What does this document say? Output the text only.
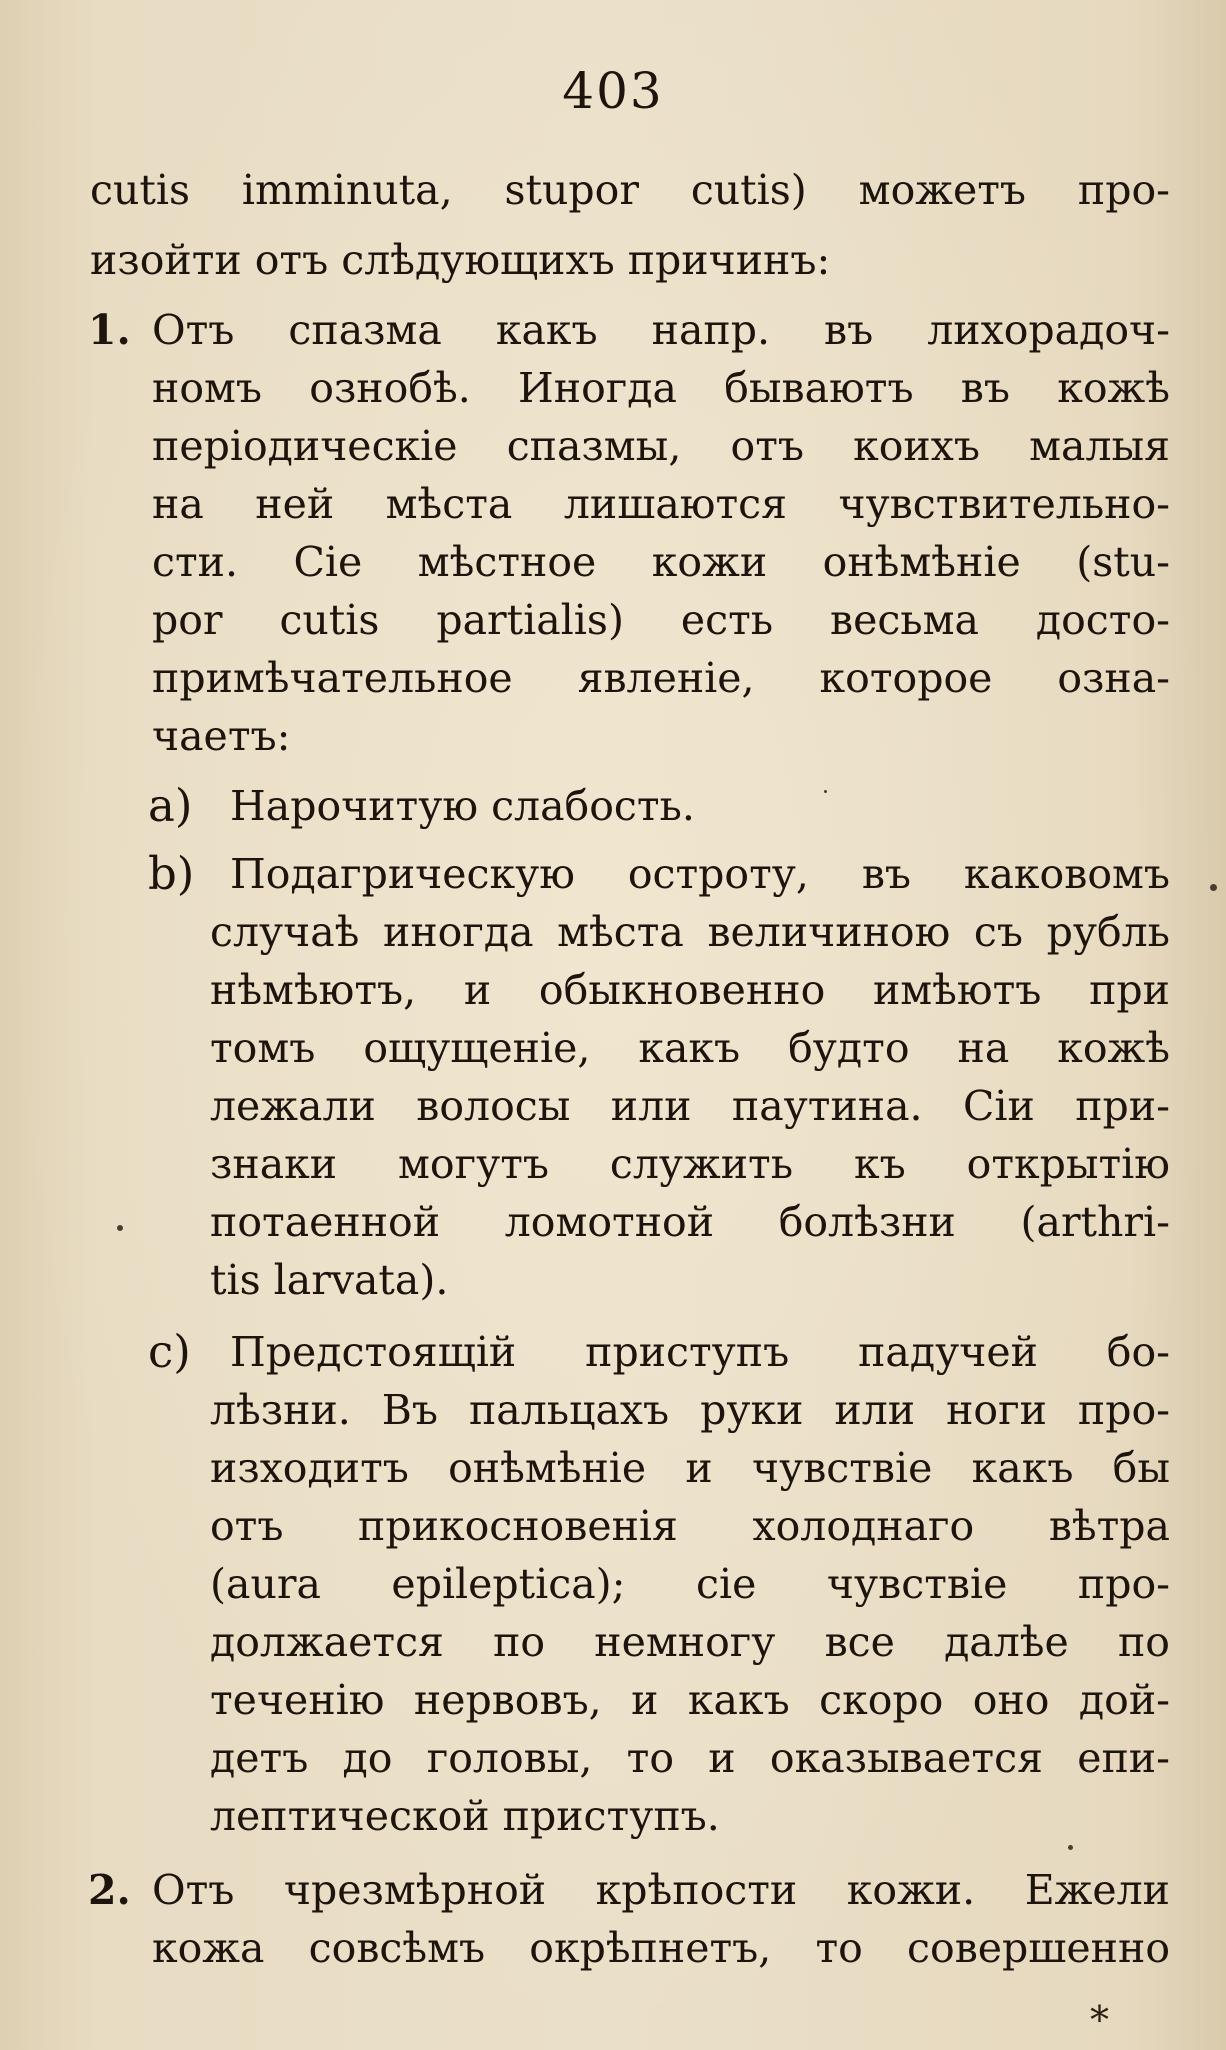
403
cutis imminuta, stupor cutis) можетъ про-
изойти отъ слѣдующихъ причинъ:
1. Отъ спазма какъ напр. въ лихорадоч-
номъ ознобѣ. Иногда бываютъ въ кожѣ
періодическіе спазмы, отъ коихъ малыя
на ней мѣста лишаются чувствительно-
сти. Сіе мѣстное кожи онѣмѣніе (stu-
por cutis partialis) есть весьма досто-
примѣчательное явленіе, которое озна-
чаетъ:
a) Нарочитую слабость.
b) Подагрическую остроту, въ каковомъ
случаѣ иногда мѣста величиною съ рубль
нѣмѣютъ, и обыкновенно имѣютъ при
томъ ощущеніе, какъ будто на кожѣ
лежали волосы или паутина. Сіи при-
знаки могутъ служить къ открытію
потаенной ломотной болѣзни (arthri-
tis larvata).
c) Предстоящій приступъ падучей бо-
лѣзни. Въ пальцахъ руки или ноги про-
изходитъ онѣмѣніе и чувствіе какъ бы
отъ прикосновенія холоднаго вѣтра
(aura epileptica); сіе чувствіе про-
должается по немногу все далѣе по
теченію нервовъ, и какъ скоро оно дой-
детъ до головы, то и оказывается епи-
лептической приступъ.
2. Отъ чрезмѣрной крѣпости кожи. Ежели
кожа совсѣмъ окрѣпнетъ, то совершенно
*
